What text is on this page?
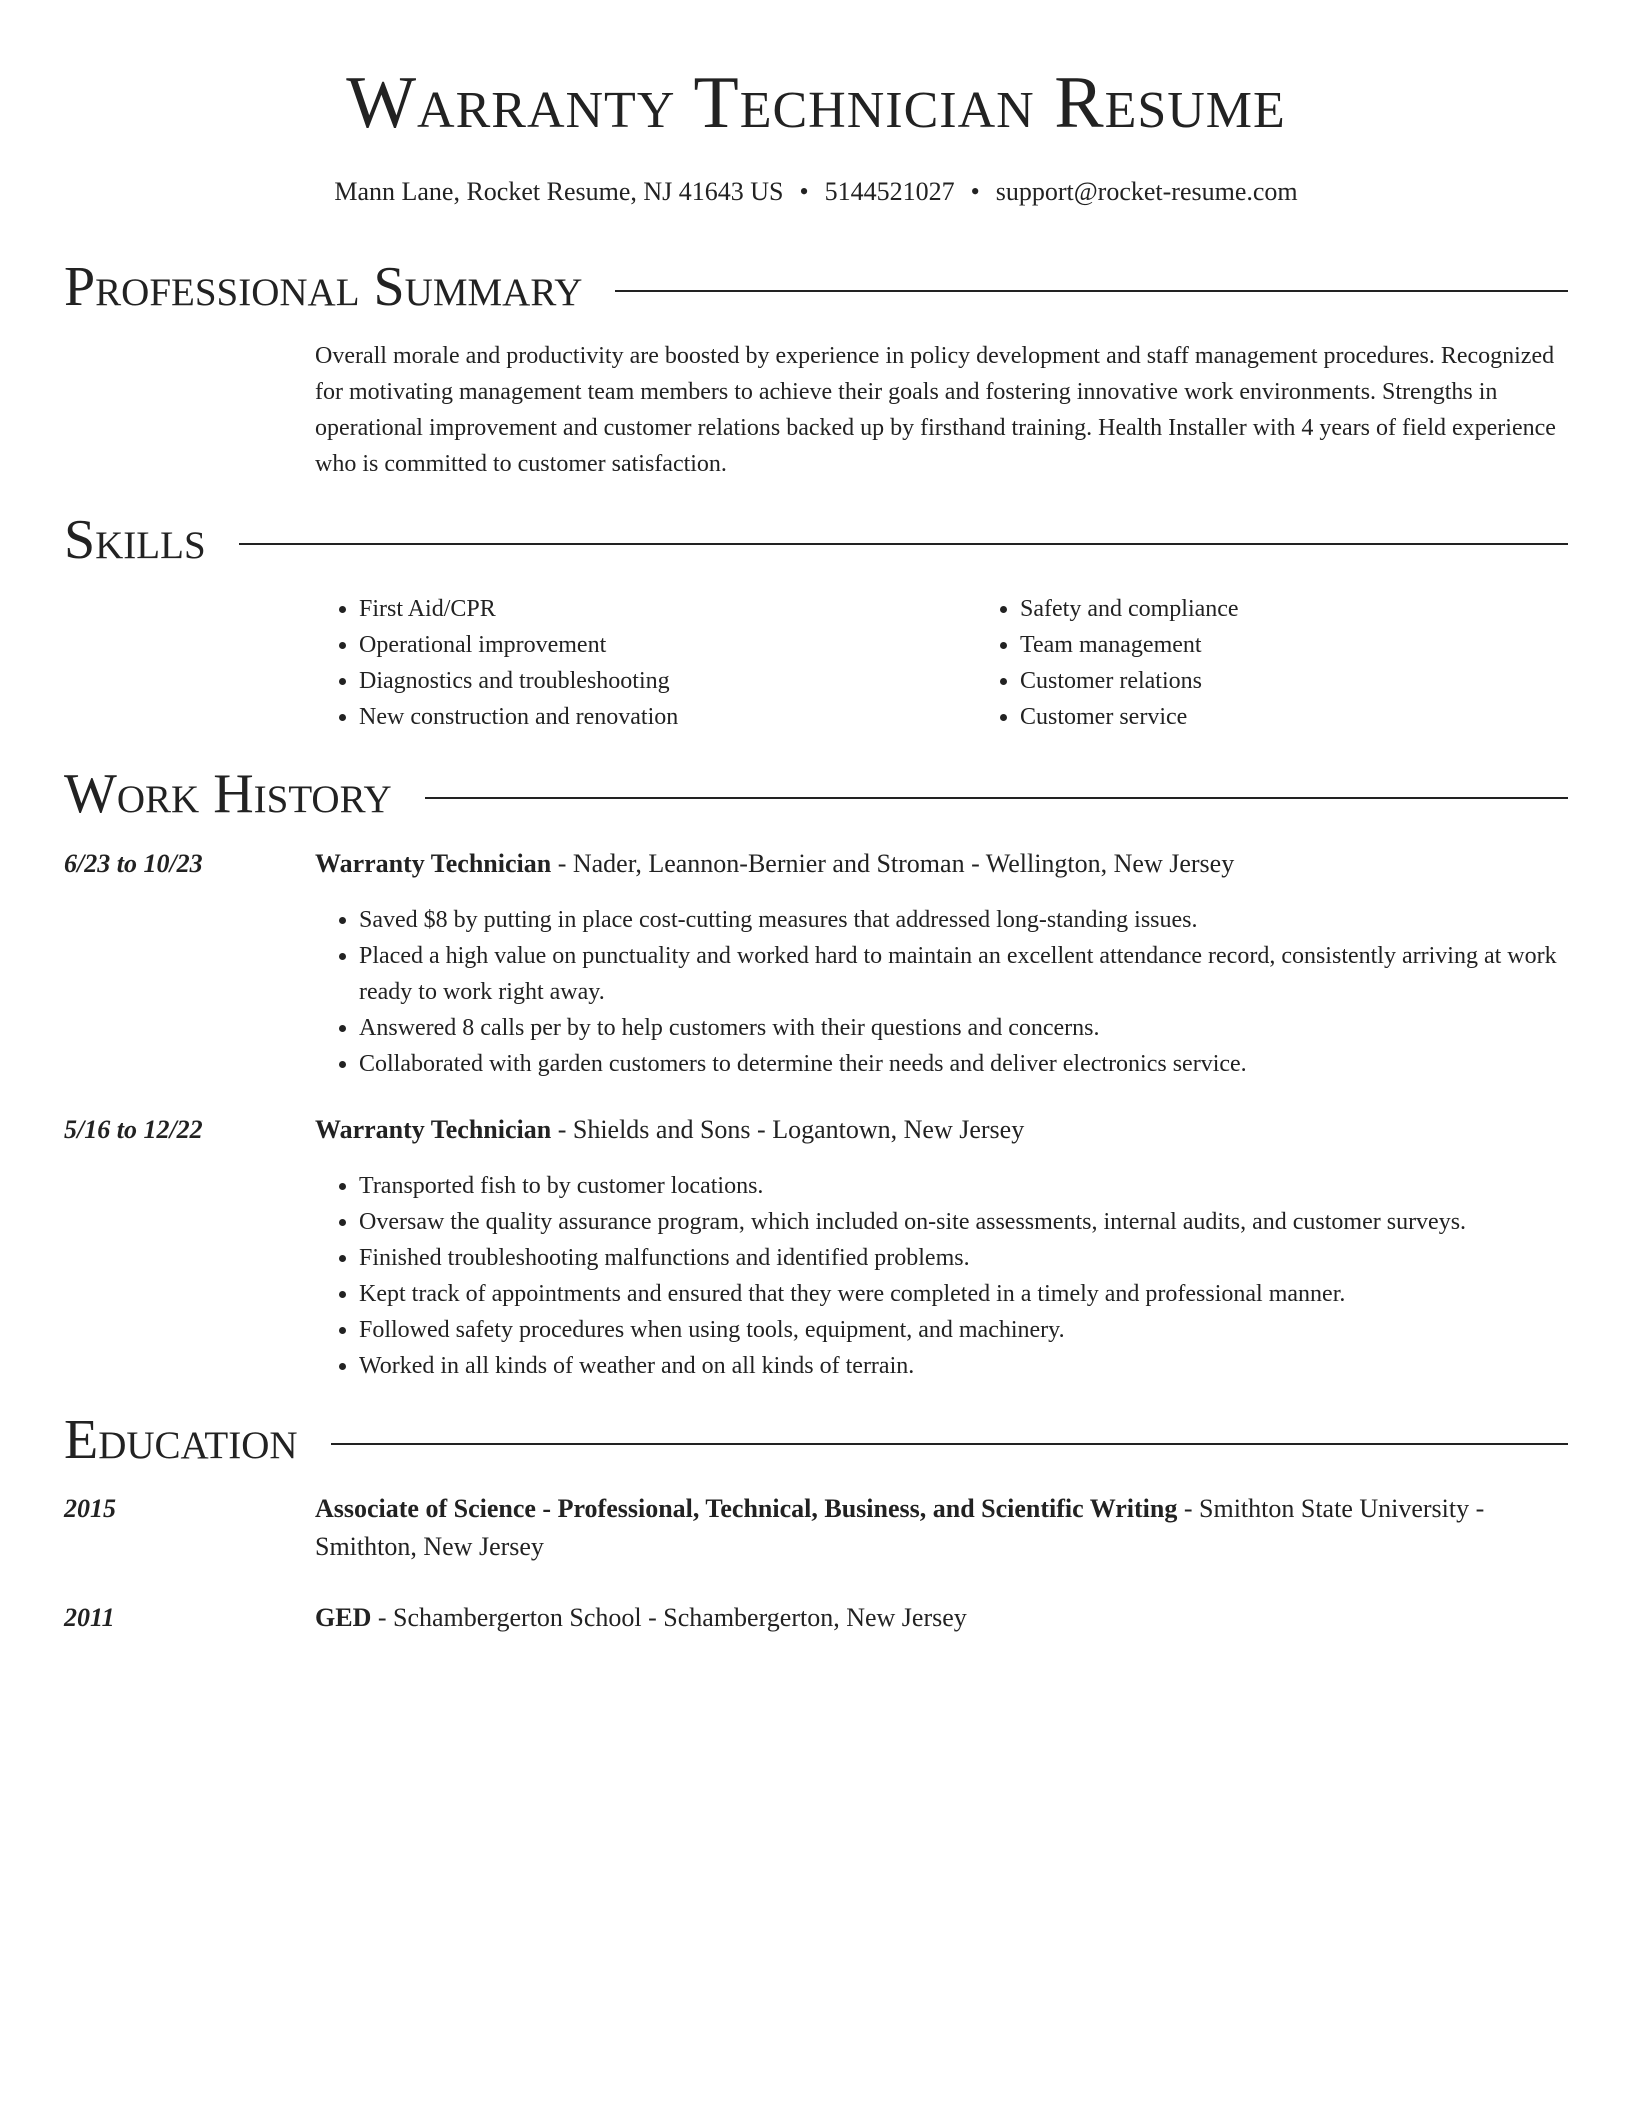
Warranty Technician Resume
Mann Lane, Rocket Resume, NJ 41643 US • 5144521027 • support@rocket-resume.com
Professional Summary

Overall morale and productivity are boosted by experience in policy development and staff management procedures. Recognized for motivating management team members to achieve their goals and fostering innovative work environments. Strengths in operational improvement and customer relations backed up by firsthand training. Health Installer with 4 years of field experience who is committed to customer satisfaction.

Skills
• First Aid/CPR
• Operational improvement
• Diagnostics and troubleshooting
• New construction and renovation
• Safety and compliance
• Team management
• Customer relations
• Customer service
Work History
6/23 to 10/23	Warranty Technician - Nader, Leannon-Bernier and Stroman - Wellington, New Jersey
• Saved $8 by putting in place cost-cutting measures that addressed long-standing issues.
• Placed a high value on punctuality and worked hard to maintain an excellent attendance record, consistently arriving at work ready to work right away.
• Answered 8 calls per by to help customers with their questions and concerns.
• Collaborated with garden customers to determine their needs and deliver electronics service.
5/16 to 12/22	Warranty Technician - Shields and Sons - Logantown, New Jersey
• Transported fish to by customer locations.
• Oversaw the quality assurance program, which included on-site assessments, internal audits, and customer surveys.
• Finished troubleshooting malfunctions and identified problems.
• Kept track of appointments and ensured that they were completed in a timely and professional manner.
• Followed safety procedures when using tools, equipment, and machinery.
• Worked in all kinds of weather and on all kinds of terrain.
Education
2015	Associate of Science - Professional, Technical, Business, and Scientific Writing - Smithton State University - Smithton, New Jersey
2011	GED - Schambergerton School - Schambergerton, New Jersey
